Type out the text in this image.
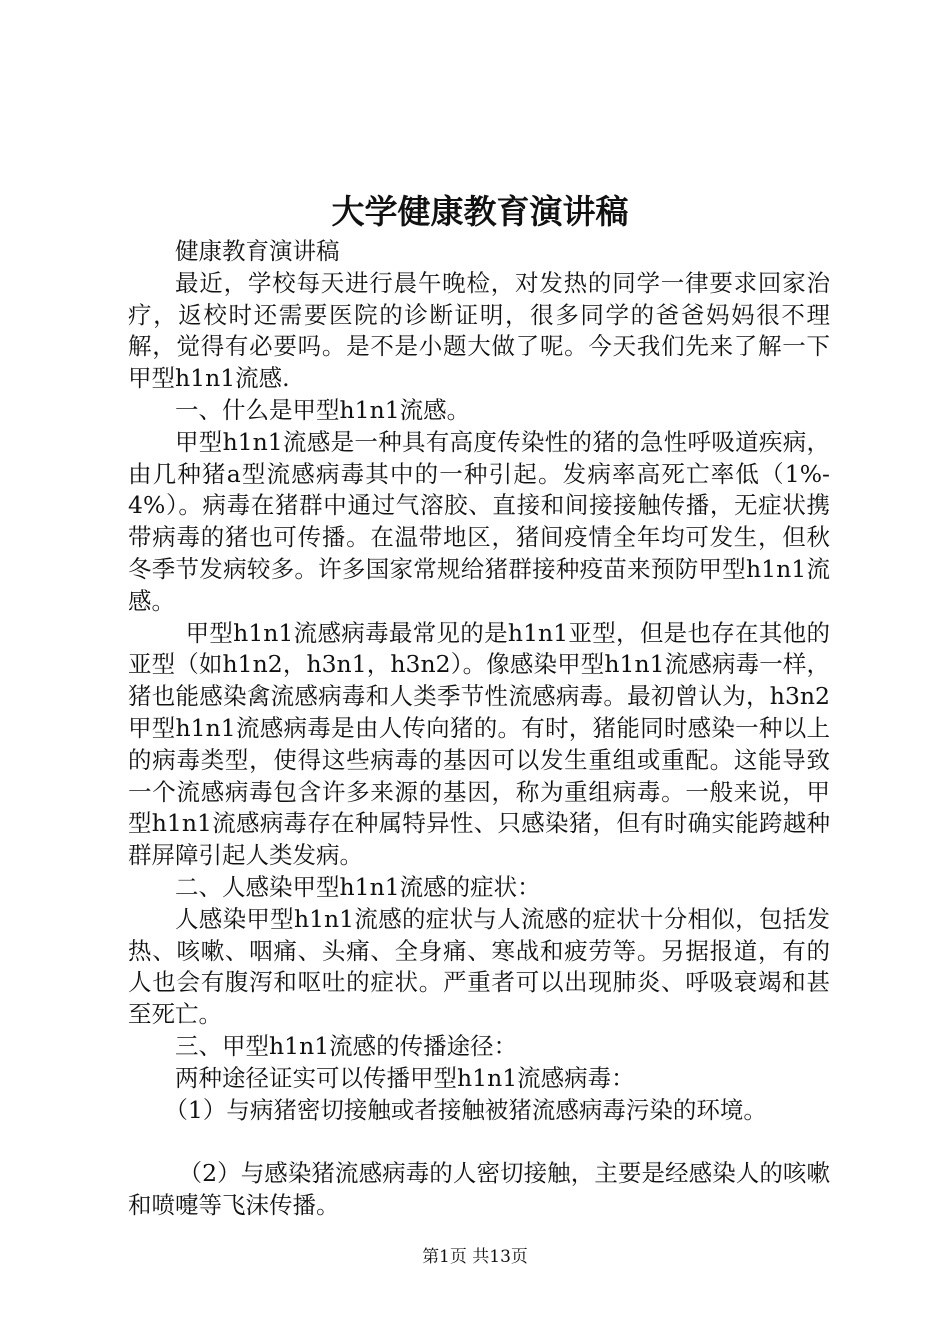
大学健康教育演讲稿

健康教育演讲稿

最近，学校每天进行晨午晚检，对发热的同学一律要求回家治疗，返校时还需要医院的诊断证明，很多同学的爸爸妈妈很不理解，觉得有必要吗。是不是小题大做了呢。今天我们先来了解一下甲型h1n1流感.

一、什么是甲型h1n1流感。

甲型h1n1流感是一种具有高度传染性的猪的急性呼吸道疾病，由几种猪a型流感病毒其中的一种引起。发病率高死亡率低（1%-4%）。病毒在猪群中通过气溶胶、直接和间接接触传播，无症状携带病毒的猪也可传播。在温带地区，猪间疫情全年均可发生，但秋冬季节发病较多。许多国家常规给猪群接种疫苗来预防甲型h1n1流感。

甲型h1n1流感病毒最常见的是h1n1亚型，但是也存在其他的亚型（如h1n2，h3n1，h3n2）。像感染甲型h1n1流感病毒一样，猪也能感染禽流感病毒和人类季节性流感病毒。最初曾认为，h3n2甲型h1n1流感病毒是由人传向猪的。有时，猪能同时感染一种以上的病毒类型，使得这些病毒的基因可以发生重组或重配。这能导致一个流感病毒包含许多来源的基因，称为重组病毒。一般来说，甲型h1n1流感病毒存在种属特异性、只感染猪，但有时确实能跨越种群屏障引起人类发病。

二、人感染甲型h1n1流感的症状：

人感染甲型h1n1流感的症状与人流感的症状十分相似，包括发热、咳嗽、咽痛、头痛、全身痛、寒战和疲劳等。另据报道，有的人也会有腹泻和呕吐的症状。严重者可以出现肺炎、呼吸衰竭和甚至死亡。

三、甲型h1n1流感的传播途径：

两种途径证实可以传播甲型h1n1流感病毒：

（1）与病猪密切接触或者接触被猪流感病毒污染的环境。

（2）与感染猪流感病毒的人密切接触，主要是经感染人的咳嗽和喷嚏等飞沫传播。

第1页 共13页
